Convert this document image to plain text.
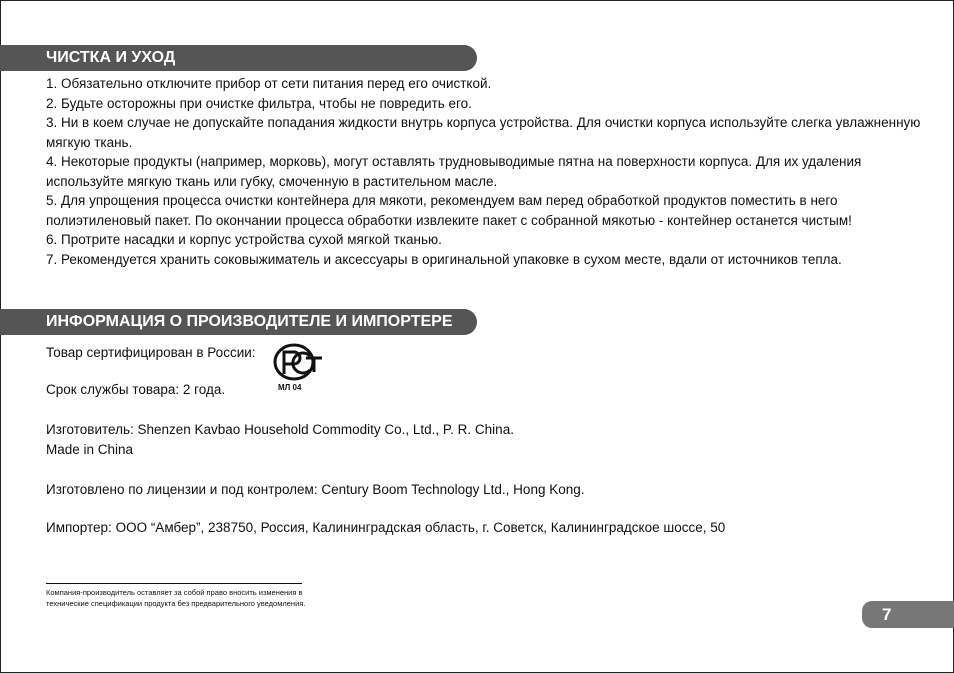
ЧИСТКА И УХОД
1. Обязательно отключите прибор от сети питания перед его очисткой.
2. Будьте осторожны при очистке фильтра, чтобы не повредить его.
3. Ни в коем случае не допускайте попадания жидкости внутрь корпуса устройства. Для очистки корпуса используйте слегка увлажненную мягкую ткань.
4. Некоторые продукты (например, морковь), могут оставлять трудновыводимые пятна на поверхности корпуса. Для их удаления используйте мягкую ткань или губку, смоченную в растительном масле.
5. Для упрощения процесса очистки контейнера для мякоти, рекомендуем вам перед обработкой продуктов поместить в него полиэтиленовый пакет. По окончании процесса обработки извлеките пакет с собранной мякотью - контейнер останется чистым!
6. Протрите насадки и корпус устройства сухой мягкой тканью.
7. Рекомендуется хранить соковыжиматель и аксессуары в оригинальной упаковке в сухом месте, вдали от источников тепла.
ИНФОРМАЦИЯ О ПРОИЗВОДИТЕЛЕ И ИМПОРТЕРЕ
Товар сертифицирован в России:
МЛ 04
Срок службы товара: 2 года.
Изготовитель: Shenzen Kavbao Household Commodity Co., Ltd., P. R. China.
Made in China
Изготовлено по лицензии и под контролем: Century Boom Technology Ltd., Hong Kong.
Импортер: ООО “Амбер”, 238750, Россия, Калининградская область, г. Советск, Калининградское шоссе, 50
Компания-производитель оставляет за собой право вносить изменения в технические спецификации продукта без предварительного уведомления.
7
